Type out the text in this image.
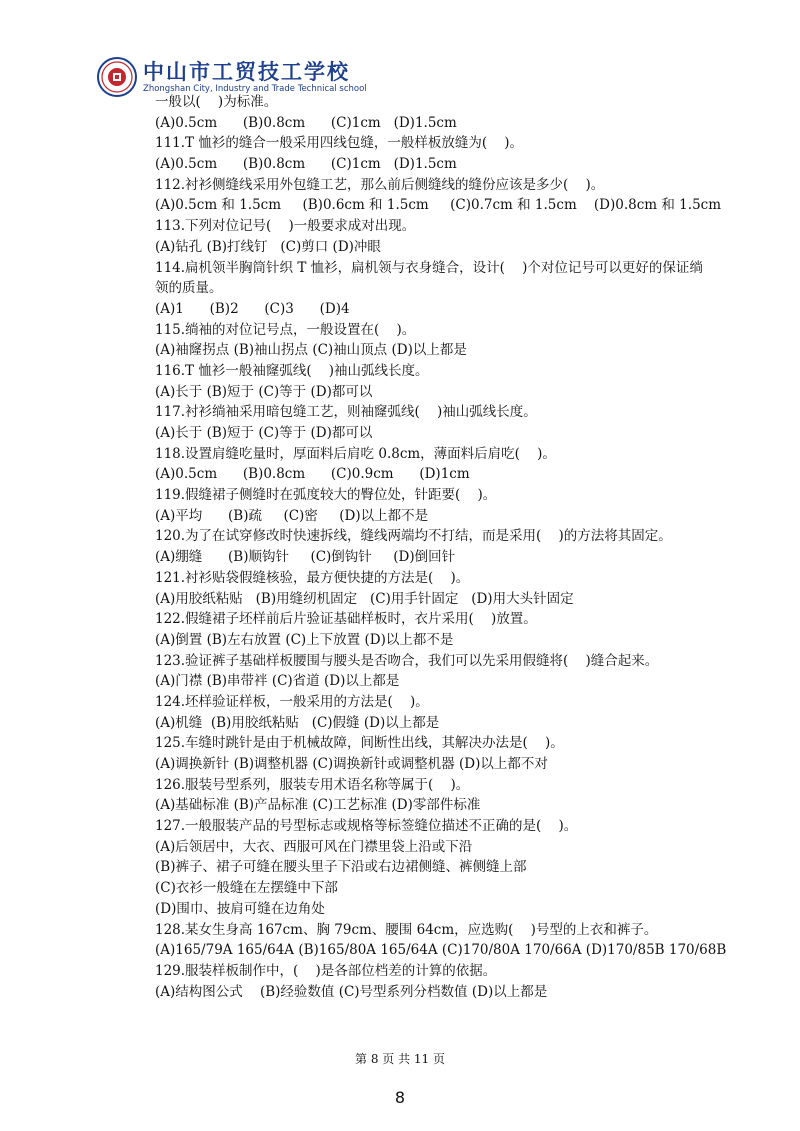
中山市工贸技工学校
Zhongshan City, Industry and Trade Technical school
一般以(    )为标准。
(A)0.5cm      (B)0.8cm      (C)1cm   (D)1.5cm
111.T 恤衫的缝合一般采用四线包缝，一般样板放缝为(    )。
(A)0.5cm      (B)0.8cm      (C)1cm   (D)1.5cm
112.衬衫侧缝线采用外包缝工艺，那么前后侧缝线的缝份应该是多少(    )。
(A)0.5cm 和 1.5cm     (B)0.6cm 和 1.5cm     (C)0.7cm 和 1.5cm    (D)0.8cm 和 1.5cm
113.下列对位记号(    )一般要求成对出现。
(A)钻孔 (B)打线钉   (C)剪口 (D)冲眼
114.扁机领半胸筒针织 T 恤衫，扁机领与衣身缝合，设计(    )个对位记号可以更好的保证绱
领的质量。
(A)1      (B)2      (C)3      (D)4
115.绱袖的对位记号点，一般设置在(    )。
(A)袖窿拐点 (B)袖山拐点 (C)袖山顶点 (D)以上都是
116.T 恤衫一般袖窿弧线(    )袖山弧线长度。
(A)长于 (B)短于 (C)等于 (D)都可以
117.衬衫绱袖采用暗包缝工艺，则袖窿弧线(    )袖山弧线长度。
(A)长于 (B)短于 (C)等于 (D)都可以
118.设置肩缝吃量时，厚面料后肩吃 0.8cm，薄面料后肩吃(    )。
(A)0.5cm      (B)0.8cm      (C)0.9cm      (D)1cm
119.假缝裙子侧缝时在弧度较大的臀位处，针距要(    )。
(A)平均      (B)疏     (C)密     (D)以上都不是
120.为了在试穿修改时快速拆线，缝线两端均不打结，而是采用(    )的方法将其固定。
(A)绷缝      (B)顺钩针     (C)倒钩针     (D)倒回针
121.衬衫贴袋假缝核验，最方便快捷的方法是(    )。
(A)用胶纸粘贴   (B)用缝纫机固定   (C)用手针固定   (D)用大头针固定
122.假缝裙子坯样前后片验证基础样板时，衣片采用(    )放置。
(A)倒置 (B)左右放置 (C)上下放置 (D)以上都不是
123.验证裤子基础样板腰围与腰头是否吻合，我们可以先采用假缝将(    )缝合起来。
(A)门襟 (B)串带袢 (C)省道 (D)以上都是
124.坯样验证样板，一般采用的方法是(    )。
(A)机缝  (B)用胶纸粘贴   (C)假缝 (D)以上都是
125.车缝时跳针是由于机械故障，间断性出线，其解决办法是(    )。
(A)调换新针 (B)调整机器 (C)调换新针或调整机器 (D)以上都不对
126.服装号型系列，服装专用术语名称等属于(    )。
(A)基础标准 (B)产品标准 (C)工艺标准 (D)零部件标准
127.一般服装产品的号型标志或规格等标签缝位描述不正确的是(    )。
(A)后领居中，大衣、西服可风在门襟里袋上沿或下沿
(B)裤子、裙子可缝在腰头里子下沿或右边裙侧缝、裤侧缝上部
(C)衣衫一般缝在左摆缝中下部
(D)围巾、披肩可缝在边角处
128.某女生身高 167cm、胸 79cm、腰围 64cm，应选购(    )号型的上衣和裤子。
(A)165/79A 165/64A (B)165/80A 165/64A (C)170/80A 170/66A (D)170/85B 170/68B
129.服装样板制作中，(    )是各部位档差的计算的依据。
(A)结构图公式    (B)经验数值 (C)号型系列分档数值 (D)以上都是
第 8 页 共 11 页
8
